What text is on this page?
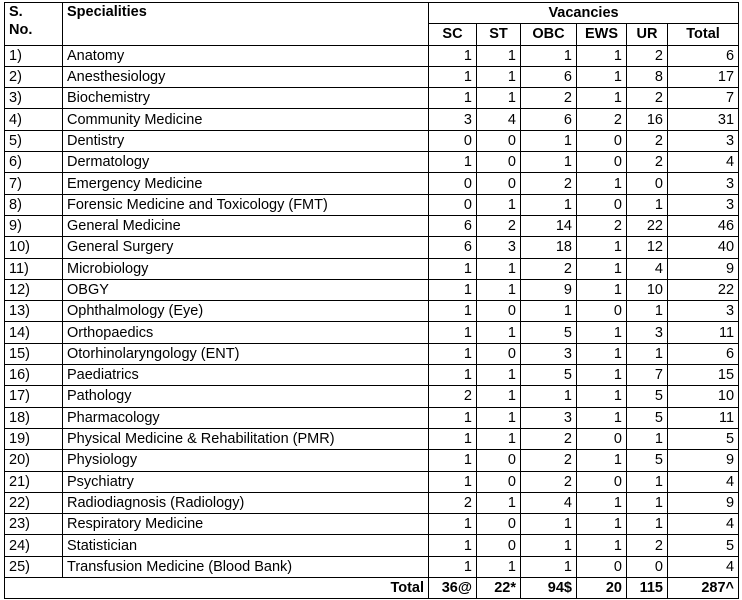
S.
No.	Specialities	Vacancies					
		SC	ST	OBC	EWS	UR	Total
1)	Anatomy	1	1	1	1	2	6
2)	Anesthesiology	1	1	6	1	8	17
3)	Biochemistry	1	1	2	1	2	7
4)	Community Medicine	3	4	6	2	16	31
5)	Dentistry	0	0	1	0	2	3
6)	Dermatology	1	0	1	0	2	4
7)	Emergency Medicine	0	0	2	1	0	3
8)	Forensic Medicine and Toxicology (FMT)	0	1	1	0	1	3
9)	General Medicine	6	2	14	2	22	46
10)	General Surgery	6	3	18	1	12	40
11)	Microbiology	1	1	2	1	4	9
12)	OBGY	1	1	9	1	10	22
13)	Ophthalmology (Eye)	1	0	1	0	1	3
14)	Orthopaedics	1	1	5	1	3	11
15)	Otorhinolaryngology (ENT)	1	0	3	1	1	6
16)	Paediatrics	1	1	5	1	7	15
17)	Pathology	2	1	1	1	5	10
18)	Pharmacology	1	1	3	1	5	11
19)	Physical Medicine & Rehabilitation (PMR)	1	1	2	0	1	5
20)	Physiology	1	0	2	1	5	9
21)	Psychiatry	1	0	2	0	1	4
22)	Radiodiagnosis (Radiology)	2	1	4	1	1	9
23)	Respiratory Medicine	1	0	1	1	1	4
24)	Statistician	1	0	1	1	2	5
25)	Transfusion Medicine (Blood Bank)	1	1	1	0	0	4
Total		36@	22*	94$	20	115	287^
